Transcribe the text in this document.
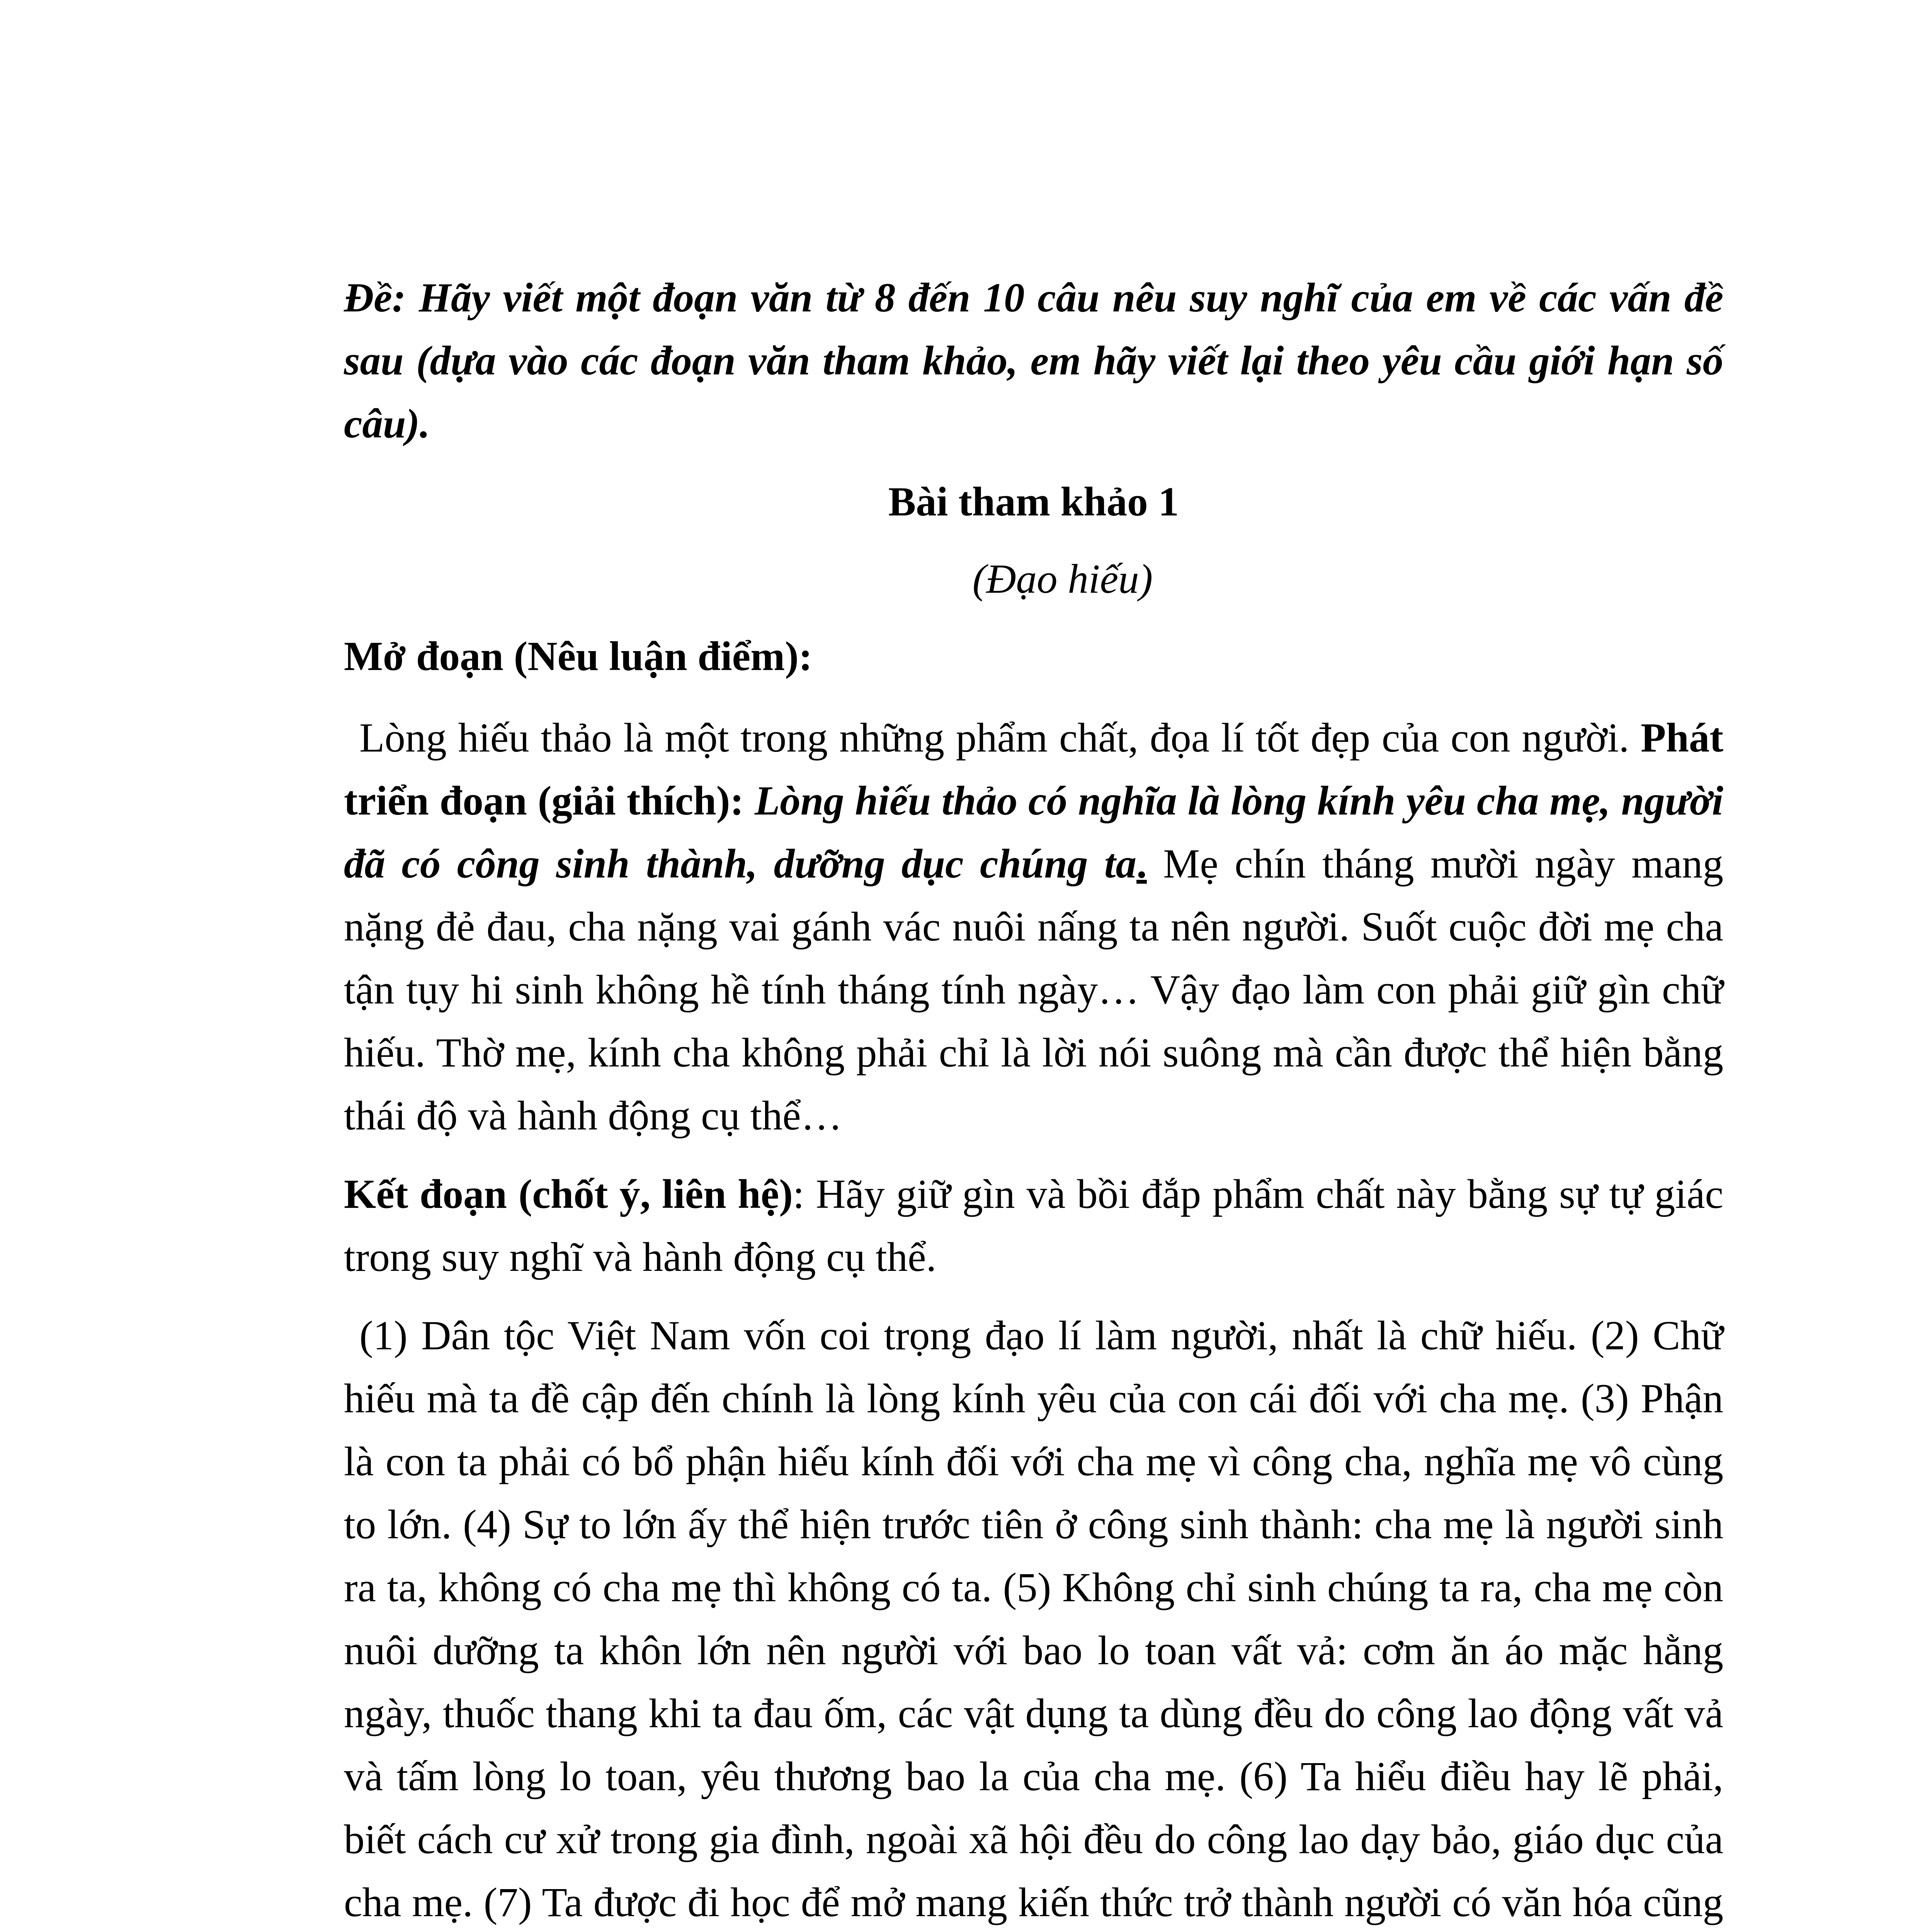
Đề: Hãy viết một đoạn văn từ 8 đến 10 câu nêu suy nghĩ của em về các vấn đề sau (dựa vào các đoạn văn tham khảo, em hãy viết lại theo yêu cầu giới hạn số câu).

Bài tham khảo 1

(Đạo hiếu)

Mở đoạn (Nêu luận điểm):

Lòng hiếu thảo là một trong những phẩm chất, đọa lí tốt đẹp của con người. Phát triển đoạn (giải thích): Lòng hiếu thảo có nghĩa là lòng kính yêu cha mẹ, người đã có công sinh thành, dưỡng dục chúng ta. Mẹ chín tháng mười ngày mang nặng đẻ đau, cha nặng vai gánh vác nuôi nấng ta nên người. Suốt cuộc đời mẹ cha tận tụy hi sinh không hề tính tháng tính ngày… Vậy đạo làm con phải giữ gìn chữ hiếu. Thờ mẹ, kính cha không phải chỉ là lời nói suông mà cần được thể hiện bằng thái độ và hành động cụ thể…

Kết đoạn (chốt ý, liên hệ): Hãy giữ gìn và bồi đắp phẩm chất này bằng sự tự giác trong suy nghĩ và hành động cụ thể.

(1) Dân tộc Việt Nam vốn coi trọng đạo lí làm người, nhất là chữ hiếu. (2) Chữ hiếu mà ta đề cập đến chính là lòng kính yêu của con cái đối với cha mẹ. (3) Phận là con ta phải có bổ phận hiếu kính đối với cha mẹ vì công cha, nghĩa mẹ vô cùng to lớn. (4) Sự to lớn ấy thể hiện trước tiên ở công sinh thành: cha mẹ là người sinh ra ta, không có cha mẹ thì không có ta. (5) Không chỉ sinh chúng ta ra, cha mẹ còn nuôi dưỡng ta khôn lớn nên người với bao lo toan vất vả: cơm ăn áo mặc hằng ngày, thuốc thang khi ta đau ốm, các vật dụng ta dùng đều do công lao động vất vả và tấm lòng lo toan, yêu thương bao la của cha mẹ. (6) Ta hiểu điều hay lẽ phải, biết cách cư xử trong gia đình, ngoài xã hội đều do công lao dạy bảo, giáo dục của cha mẹ. (7) Ta được đi học để mở mang kiến thức trở thành người có văn hóa cũng
